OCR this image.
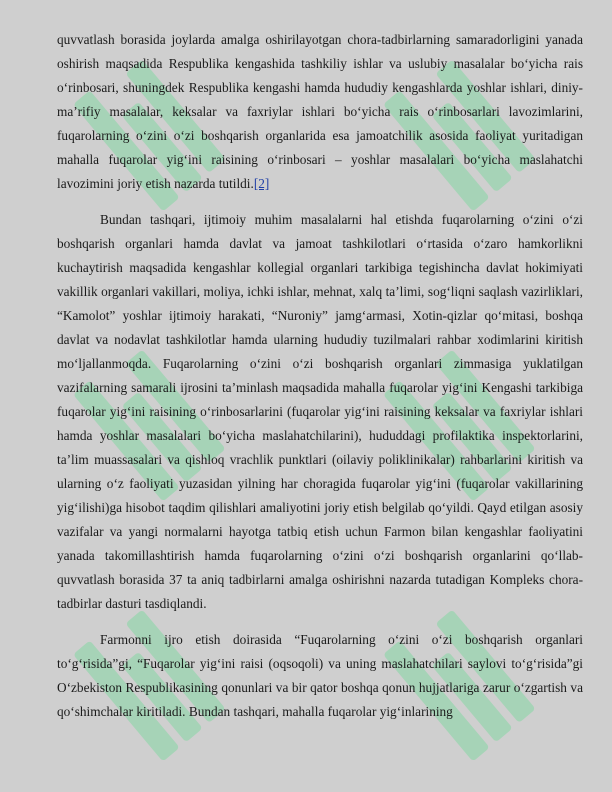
quvvatlash borasida joylarda amalga oshirilayotgan chora-tadbirlarning samaradorligini yanada oshirish maqsadida Respublika kengashida tashkiliy ishlar va uslubiy masalalar bo‘yicha rais o‘rinbosari, shuningdek Respublika kengashi hamda hududiy kengashlarda yoshlar ishlari, diniy-ma’rifiy masalalar, keksalar va faxriylar ishlari bo‘yicha rais o‘rinbosarlari lavozimlarini, fuqarolarning o‘zini o‘zi boshqarish organlarida esa jamoatchilik asosida faoliyat yuritadigan mahalla fuqarolar yig‘ini raisining o‘rinbosari – yoshlar masalalari bo‘yicha maslahatchi lavozimini joriy etish nazarda tutildi.[2]

Bundan tashqari, ijtimoiy muhim masalalarni hal etishda fuqarolarning o‘zini o‘zi boshqarish organlari hamda davlat va jamoat tashkilotlari o‘rtasida o‘zaro hamkorlikni kuchaytirish maqsadida kengashlar kollegial organlari tarkibiga tegishincha davlat hokimiyati vakillik organlari vakillari, moliya, ichki ishlar, mehnat, xalq ta’limi, sog‘liqni saqlash vazirliklari, “Kamolot” yoshlar ijtimoiy harakati, “Nuroniy” jamg‘armasi, Xotin-qizlar qo‘mitasi, boshqa davlat va nodavlat tashkilotlar hamda ularning hududiy tuzilmalari rahbar xodimlarini kiritish mo‘ljallanmoqda. Fuqarolarning o‘zini o‘zi boshqarish organlari zimmasiga yuklatilgan vazifalarning samarali ijrosini ta’minlash maqsadida mahalla fuqarolar yig‘ini Kengashi tarkibiga fuqarolar yig‘ini raisining o‘rinbosarlarini (fuqarolar yig‘ini raisining keksalar va faxriylar ishlari hamda yoshlar masalalari bo‘yicha maslahatchilarini), hududdagi profilaktika inspektorlarini, ta’lim muassasalari va qishloq vrachlik punktlari (oilaviy poliklinikalar) rahbarlarini kiritish va ularning o‘z faoliyati yuzasidan yilning har choragida fuqarolar yig‘ini (fuqarolar vakillarining yig‘ilishi)ga hisobot taqdim qilishlari amaliyotini joriy etish belgilab qo‘yildi. Qayd etilgan asosiy vazifalar va yangi normalarni hayotga tatbiq etish uchun Farmon bilan kengashlar faoliyatini yanada takomillashtirish hamda fuqarolarning o‘zini o‘zi boshqarish organlarini qo‘llab-quvvatlash borasida 37 ta aniq tadbirlarni amalga oshirishni nazarda tutadigan Kompleks chora-tadbirlar dasturi tasdiqlandi.

Farmonni ijro etish doirasida “Fuqarolarning o‘zini o‘zi boshqarish organlari to‘g‘risida”gi, “Fuqarolar yig‘ini raisi (oqsoqoli) va uning maslahatchilari saylovi to‘g‘risida”gi O‘zbekiston Respublikasining qonunlari va bir qator boshqa qonun hujjatlariga zarur o‘zgartish va qo‘shimchalar kiritiladi. Bundan tashqari, mahalla fuqarolar yig‘inlarining
